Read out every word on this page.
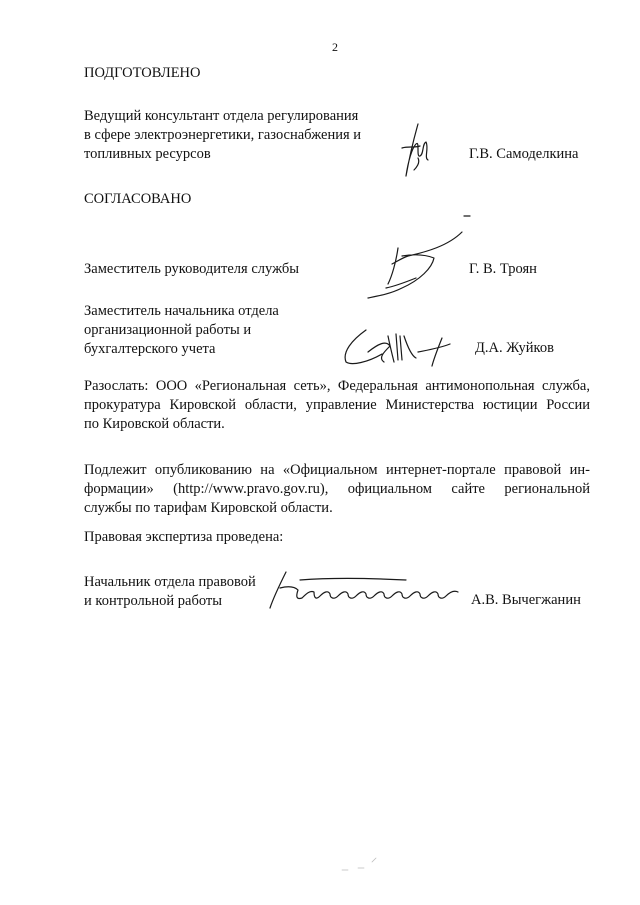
2
ПОДГОТОВЛЕНО
Ведущий консультант отдела регулирования
в сфере электроэнергетики, газоснабжения и
топливных ресурсов	Г.В. Самоделкина
СОГЛАСОВАНО
Заместитель руководителя службы	Г. В. Троян
Заместитель начальника отдела
организационной работы и
бухгалтерского учета	Д.А. Жуйков
Разослать: ООО «Региональная сеть», Федеральная антимонопольная служба,
прокуратура Кировской области, управление Министерства юстиции России
по Кировской области.
Подлежит опубликованию на «Официальном интернет-портале правовой ин-
формации» (http://www.pravo.gov.ru), официальном сайте региональной
службы по тарифам Кировской области.
Правовая экспертиза проведена:
Начальник отдела правовой
и контрольной работы	А.В. Вычегжанин
